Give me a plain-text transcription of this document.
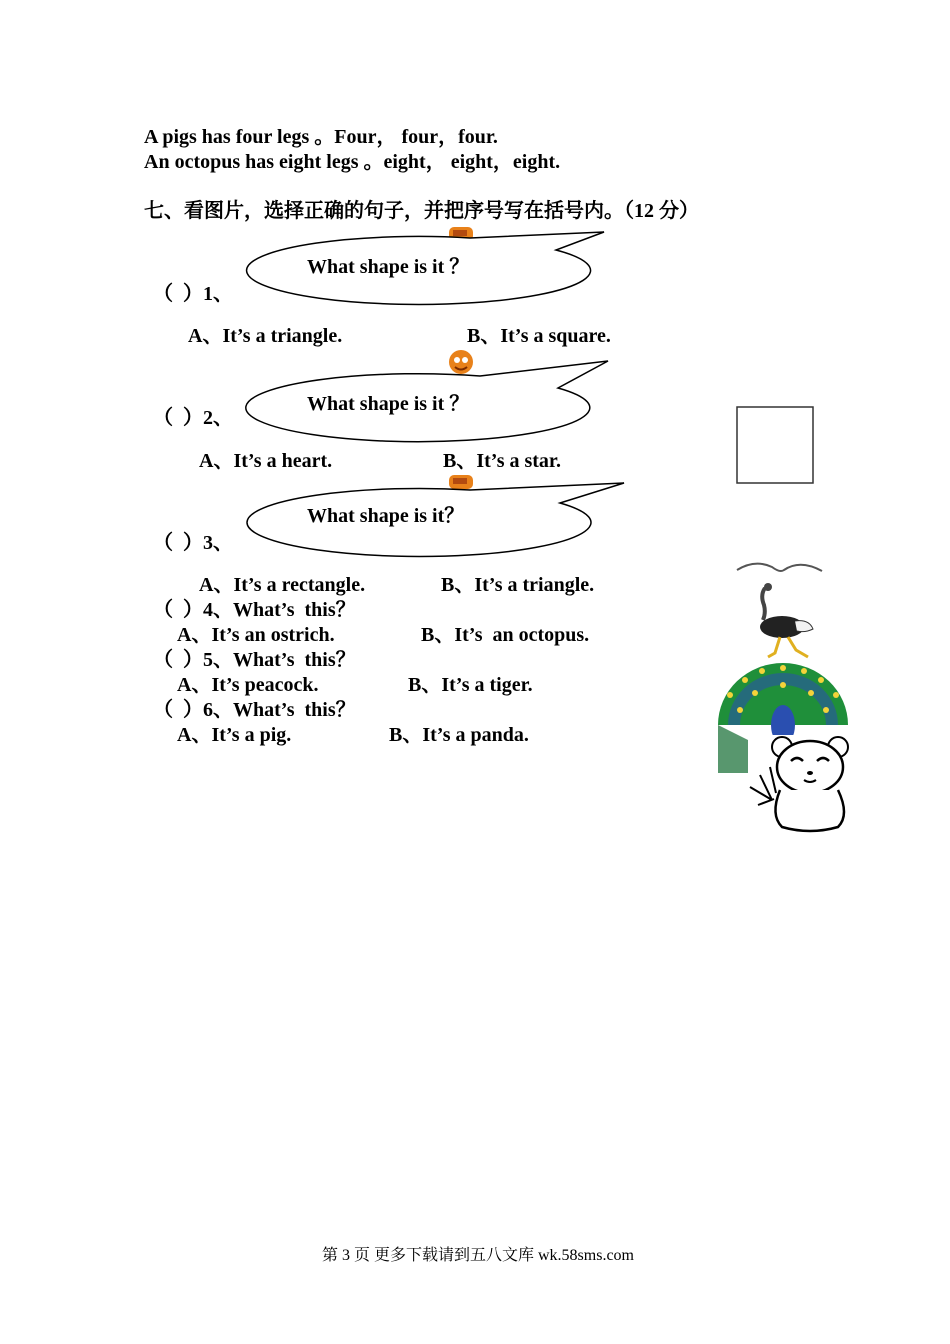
A pigs has four legs 。Four， four，four.
An octopus has eight legs 。eight， eight，eight.
七、看图片，选择正确的句子，并把序号写在括号内。（12 分）
What shape is it ？
What shape is it ？
What shape is it？
（  ）1、
A、It’s a triangle.	B、It’s a square.
（  ）2、
A、It’s a heart.	B、It’s a star.
（  ）3、
A、It’s a rectangle.	B、It’s a triangle.
（  ）4、What’s  this？
A、It’s an ostrich.	B、It’s  an octopus.
（  ）5、What’s  this？
A、It’s peacock.	B、It’s a tiger.
（  ）6、What’s  this？
A、It’s a pig.	B、It’s a panda.
第 3 页 更多下载请到五八文库 wk.58sms.com
